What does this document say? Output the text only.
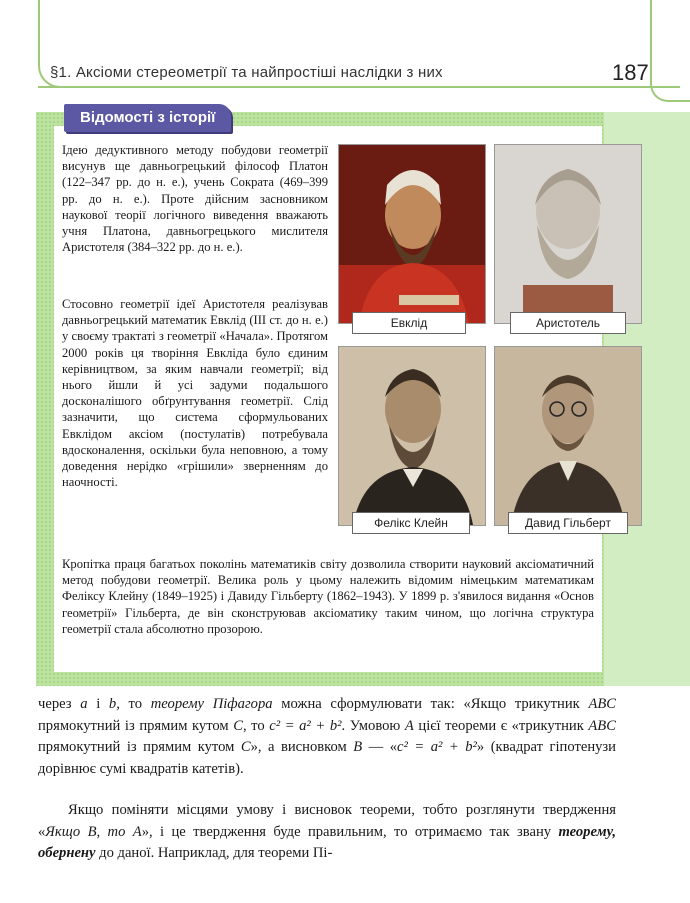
§1. Аксіоми стереометрії та найпростіші наслідки з них	187
Відомості з історії

Ідею дедуктивного методу побудови геометрії висунув ще давньогрецький філософ Платон (122–347 рр. до н. е.), учень Сократа (469–399 рр. до н. е.). Проте дійсним засновником наукової теорії логічного виведення вважають учня Платона, давньогрецького мислителя Аристотеля (384–322 рр. до н. е.).

Стосовно геометрії ідеї Аристотеля реалізував давньогрецький математик Евклід (III ст. до н. е.) у своєму трактаті з геометрії «Начала». Протягом 2000 років ця творіння Евкліда було єдиним керівництвом, за яким навчали геометрії; від нього йшли й усі задуми подальшого досконалішого обґрунтування геометрії. Слід зазначити, що система сформульованих Евклідом аксіом (постулатів) потребувала вдосконалення, оскільки була неповною, а тому доведення нерідко «грішили» зверненням до наочності.

Кропітка праця багатьох поколінь математиків світу дозволила створити науковий аксіоматичний метод побудови геометрії. Велика роль у цьому належить відомим німецьким математикам Феліксу Клейну (1849–1925) і Давиду Гільберту (1862–1943). У 1899 р. з'явилося видання «Основ геометрії» Гільберта, де він сконструював аксіоматику таким чином, що логічна структура геометрії стала абсолютно прозорою.

Евклід	Аристотель
Фелікс Клейн	Давид Гільберт

через a і b, то теорему Піфагора можна сформулювати так: «Якщо трикутник ABC прямокутний із прямим кутом C, то c² = a² + b². Умовою A цієї теореми є «трикутник ABC прямокутний із прямим кутом C», а висновком B — «c² = a² + b²» (квадрат гіпотенузи дорівнює сумі квадратів катетів).

Якщо поміняти місцями умову і висновок теореми, тобто розглянути твердження «Якщо B, то A», і це твердження буде правильним, то отримаємо так звану теорему, обернену до даної. Наприклад, для теореми Пі-
